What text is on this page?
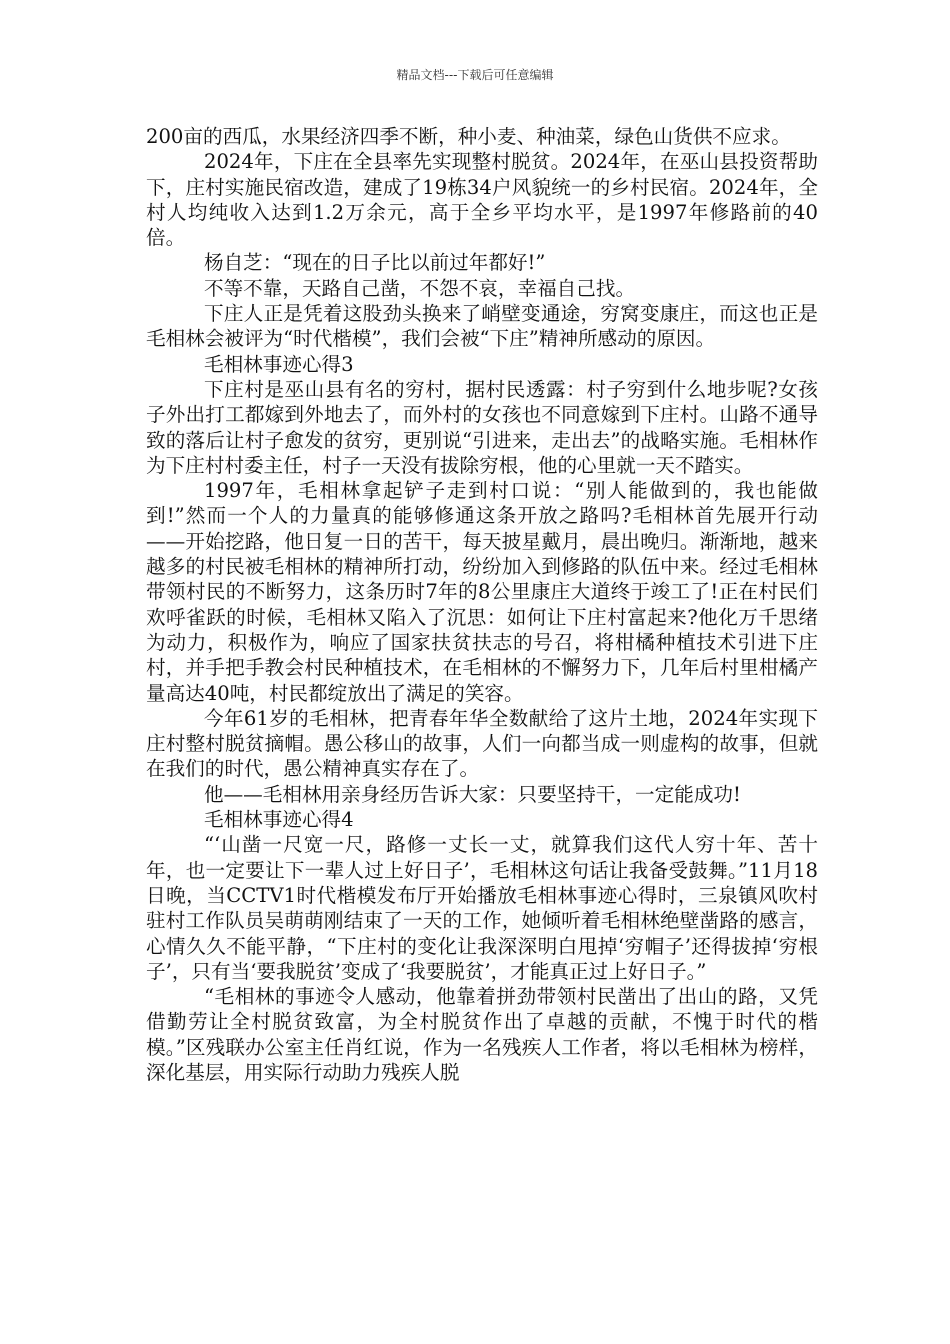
精品文档---下载后可任意编辑

200亩的西瓜，水果经济四季不断，种小麦、种油菜，绿色山货供不应求。

2024年，下庄在全县率先实现整村脱贫。2024年，在巫山县投资帮助下，庄村实施民宿改造，建成了19栋34户风貌统一的乡村民宿。2024年，全村人均纯收入达到1.2万余元，高于全乡平均水平，是1997年修路前的40倍。

杨自芝：“现在的日子比以前过年都好!”

不等不靠，天路自己凿，不怨不哀，幸福自己找。

下庄人正是凭着这股劲头换来了峭壁变通途，穷窝变康庄，而这也正是毛相林会被评为“时代楷模”，我们会被“下庄”精神所感动的原因。

毛相林事迹心得3

下庄村是巫山县有名的穷村，据村民透露：村子穷到什么地步呢?女孩子外出打工都嫁到外地去了，而外村的女孩也不同意嫁到下庄村。山路不通导致的落后让村子愈发的贫穷，更别说“引进来，走出去”的战略实施。毛相林作为下庄村村委主任，村子一天没有拔除穷根，他的心里就一天不踏实。

1997年，毛相林拿起铲子走到村口说：“别人能做到的，我也能做到!”然而一个人的力量真的能够修通这条开放之路吗?毛相林首先展开行动——开始挖路，他日复一日的苦干，每天披星戴月，晨出晚归。渐渐地，越来越多的村民被毛相林的精神所打动，纷纷加入到修路的队伍中来。经过毛相林带领村民的不断努力，这条历时7年的8公里康庄大道终于竣工了!正在村民们欢呼雀跃的时候，毛相林又陷入了沉思：如何让下庄村富起来?他化万千思绪为动力，积极作为，响应了国家扶贫扶志的号召，将柑橘种植技术引进下庄村，并手把手教会村民种植技术，在毛相林的不懈努力下，几年后村里柑橘产量高达40吨，村民都绽放出了满足的笑容。

今年61岁的毛相林，把青春年华全数献给了这片土地，2024年实现下庄村整村脱贫摘帽。愚公移山的故事，人们一向都当成一则虚构的故事，但就在我们的时代，愚公精神真实存在了。

他——毛相林用亲身经历告诉大家：只要坚持干，一定能成功!

毛相林事迹心得4

“‘山凿一尺宽一尺，路修一丈长一丈，就算我们这代人穷十年、苦十年，也一定要让下一辈人过上好日子’，毛相林这句话让我备受鼓舞。”11月18日晚，当CCTV1时代楷模发布厅开始播放毛相林事迹心得时，三泉镇风吹村驻村工作队员吴萌萌刚结束了一天的工作，她倾听着毛相林绝壁凿路的感言，心情久久不能平静，“下庄村的变化让我深深明白甩掉‘穷帽子’还得拔掉‘穷根子’，只有当‘要我脱贫’变成了‘我要脱贫’，才能真正过上好日子。”

“毛相林的事迹令人感动，他靠着拼劲带领村民凿出了出山的路，又凭借勤劳让全村脱贫致富，为全村脱贫作出了卓越的贡献，不愧于时代的楷模。”区残联办公室主任肖红说，作为一名残疾人工作者，将以毛相林为榜样，深化基层，用实际行动助力残疾人脱
